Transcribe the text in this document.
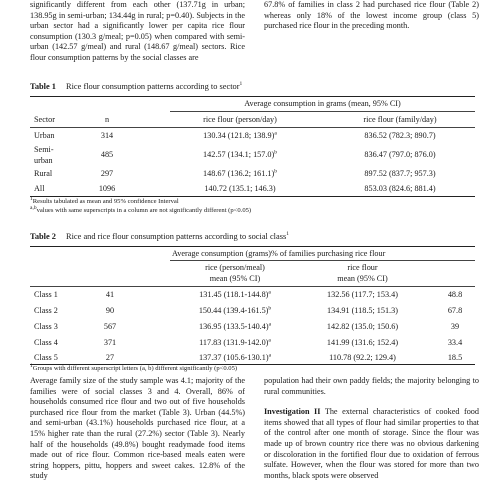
significantly different from each other (137.71g in urban; 138.95g in semi-urban; 134.44g in rural; p=0.40). Subjects in the urban sector had a significantly lower per capita rice flour consumption (130.3 g/meal; p=0.05) when compared with semi-urban (142.57 g/meal) and rural (148.67 g/meal) sectors. Rice flour consumption patterns by the social classes are

67.8% of families in class 2 had purchased rice flour (Table 2) whereas only 18% of the lowest income group (class 5) purchased rice flour in the preceding month.

Table 1 Rice flour consumption patterns according to sector$^1$
Average consumption in grams (mean, 95% CI)
Sector	n	rice flour (person/day)	rice flour (family/day)
Urban	314	130.34 (121.8; 138.9)$^a$	836.52 (782.3; 890.7)
Semi-
urban
485	142.57 (134.1; 157.0)$^b$	836.47 (797.0; 876.0)
Rural	297	148.67 (136.2; 161.1)$^b$	897.52 (837.7; 957.3)
All	1096	140.72 (135.1; 146.3)	853.03 (824.6; 881.4)
$^1$Results tabulated as mean and 95% confidence Interval
$^{a,b}$values with same superscripts in a column are not significantly different (p<0.05)
Table 2 Rice and rice flour consumption patterns according to social class$^1$
Average consumption (grams)% of families purchasing rice flour
rice (person/meal)
mean (95% CI)
rice flour
mean (95% CI)
Class 1	41	131.45 $(118.1-144.8)^a$	132.56 (117.7; 153.4)	48.8
Class 2	90	150.44 $(139.4-161.5)^b$	134.91 (118.5; 151.3)	67.8
Class 3	567	136.95 $(133.5-140.4)^a$	142.82 (135.0; 150.6)	39
Class 4	371	117.83 $(131.9-142.0)^a$	141.99 (131.6; 152.4)	33.4
Class 5	27	137.37 $(105.6-130.1)^a$	110.78 (92.2; 129.4)	18.5
$^1$Groups with different superscript letters (a, b) different significantly (p<0.05)

Average family size of the study sample was 4.1; majority of the families were of social classes 3 and 4. Overall, 86% of households consumed rice flour and two out of five households purchased rice flour from the market (Table 3). Urban (44.5%) and semi-urban (43.1%) households purchased rice flour, at a 15% higher rate than the rural (27.2%) sector (Table 3). Nearly half of the households (49.8%) bought readymade food items made out of rice flour. Common rice-based meals eaten were string hoppers, pittu, hoppers and sweet cakes. 12.8% of the study

population had their own paddy fields; the majority belonging to rural communities.

Investigation II The external characteristics of cooked food items showed that all types of flour had similar properties to that of the control after one month of storage. Since the flour was made up of brown country rice there was no obvious darkening or discoloration in the fortified flour due to oxidation of ferrous sulfate. However, when the flour was stored for more than two months, black spots were observed
